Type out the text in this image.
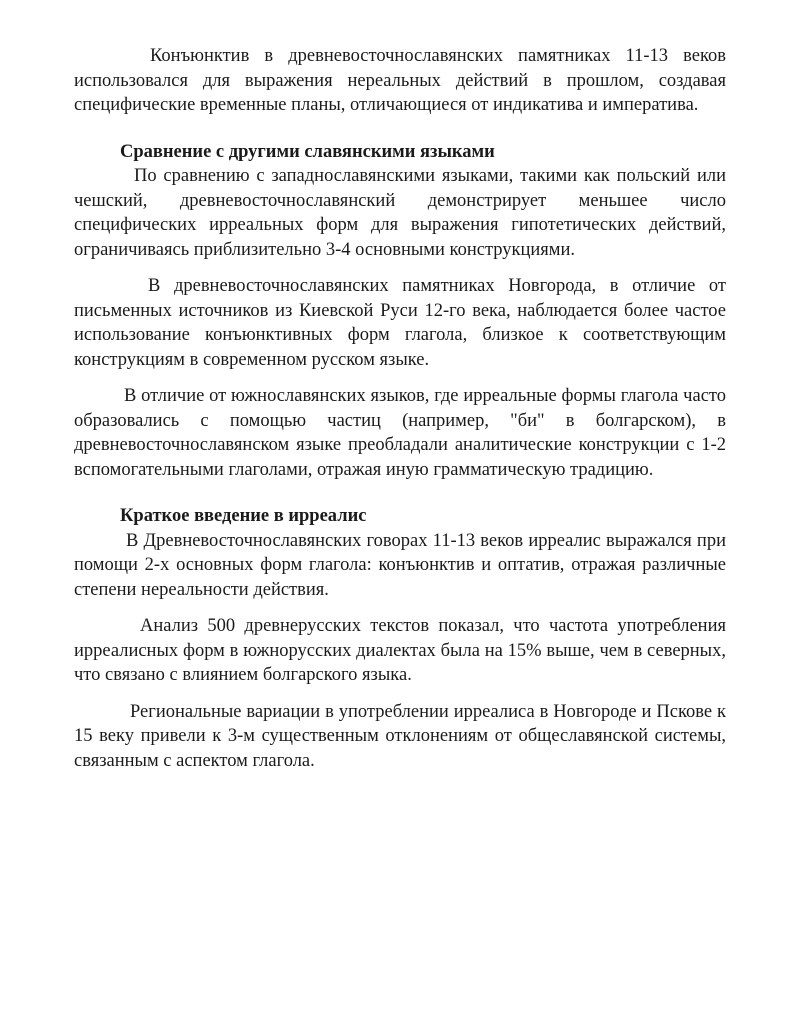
Конъюнктив в древневосточнославянских памятниках 11-13 веков использовался для выражения нереальных действий в прошлом, создавая специфические временные планы, отличающиеся от индикатива и императива.

Сравнение с другими славянскими языками

По сравнению с западнославянскими языками, такими как польский или чешский, древневосточнославянский демонстрирует меньшее число специфических ирреальных форм для выражения гипотетических действий, ограничиваясь приблизительно 3-4 основными конструкциями.

В древневосточнославянских памятниках Новгорода, в отличие от письменных источников из Киевской Руси 12-го века, наблюдается более частое использование конъюнктивных форм глагола, близкое к соответствующим конструкциям в современном русском языке.

В отличие от южнославянских языков, где ирреальные формы глагола часто образовались с помощью частиц (например, "би" в болгарском), в древневосточнославянском языке преобладали аналитические конструкции с 1-2 вспомогательными глаголами, отражая иную грамматическую традицию.

Краткое введение в ирреалис

В Древневосточнославянских говорах 11-13 веков ирреалис выражался при помощи 2-х основных форм глагола: конъюнктив и оптатив, отражая различные степени нереальности действия.

Анализ 500 древнерусских текстов показал, что частота употребления ирреалисных форм в южнорусских диалектах была на 15% выше, чем в северных, что связано с влиянием болгарского языка.

Региональные вариации в употреблении ирреалиса в Новгороде и Пскове к 15 веку привели к 3-м существенным отклонениям от общеславянской системы, связанным с аспектом глагола.
